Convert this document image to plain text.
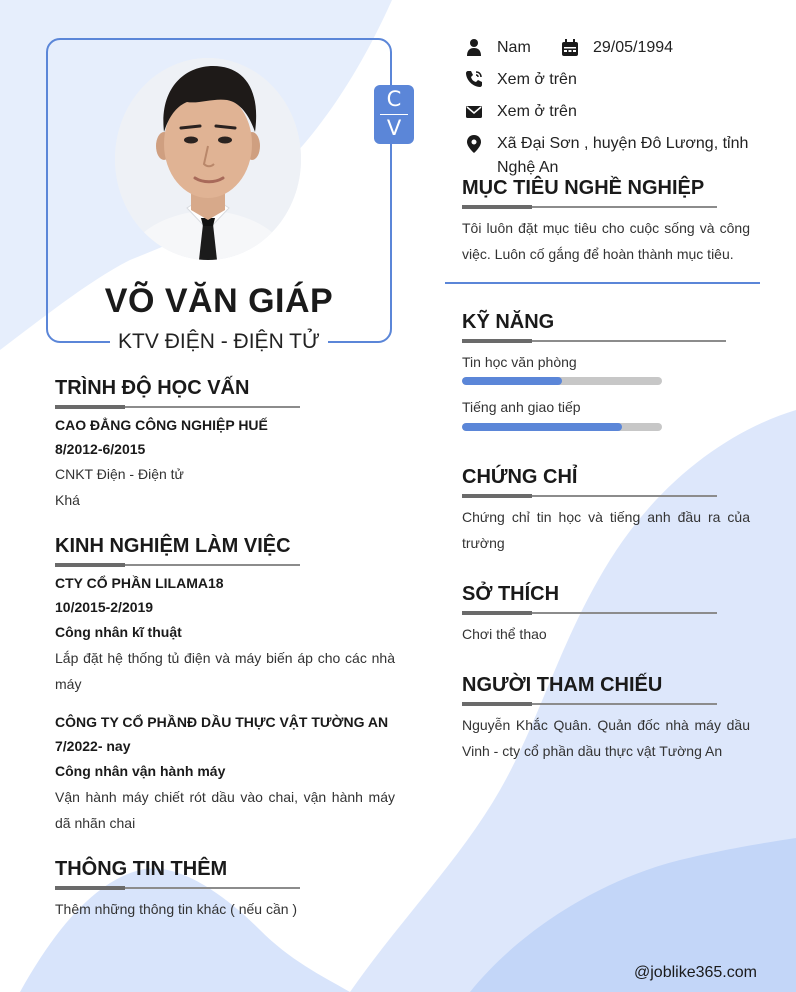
VÕ VĂN GIÁP
KTV ĐIỆN - ĐIỆN TỬ
C
V
Nam	29/05/1994
Xem ở trên
Xem ở trên
Xã Đại Sơn , huyện Đô Lương, tỉnh Nghệ An
TRÌNH ĐỘ HỌC VẤN
CAO ĐẲNG CÔNG NGHIỆP HUẾ
8/2012-6/2015
CNKT Điện - Điện tử
Khá
KINH NGHIỆM LÀM VIỆC
CTY CỔ PHẦN LILAMA18
10/2015-2/2019
Công nhân kĩ thuật
Lắp đặt hệ thống tủ điện và máy biến áp cho các nhà máy
CÔNG TY CỔ PHẦNĐ DẦU THỰC VẬT TƯỜNG AN
7/2022- nay
Công nhân vận hành máy
Vận hành máy chiết rót dầu vào chai, vận hành máy dã nhãn chai
THÔNG TIN THÊM
Thêm những thông tin khác ( nếu cần )
MỤC TIÊU NGHỀ NGHIỆP
Tôi luôn đặt mục tiêu cho cuộc sống và công việc. Luôn cố gắng để hoàn thành mục tiêu.
KỸ NĂNG
Tin học văn phòng
Tiếng anh giao tiếp
CHỨNG CHỈ
Chứng chỉ tin học và tiếng anh đầu ra của trường
SỞ THÍCH
Chơi thể thao
NGƯỜI THAM CHIẾU
Nguyễn Khắc Quân. Quản đốc nhà máy dầu Vinh - cty cổ phần dầu thực vật Tường An
@joblike365.com
